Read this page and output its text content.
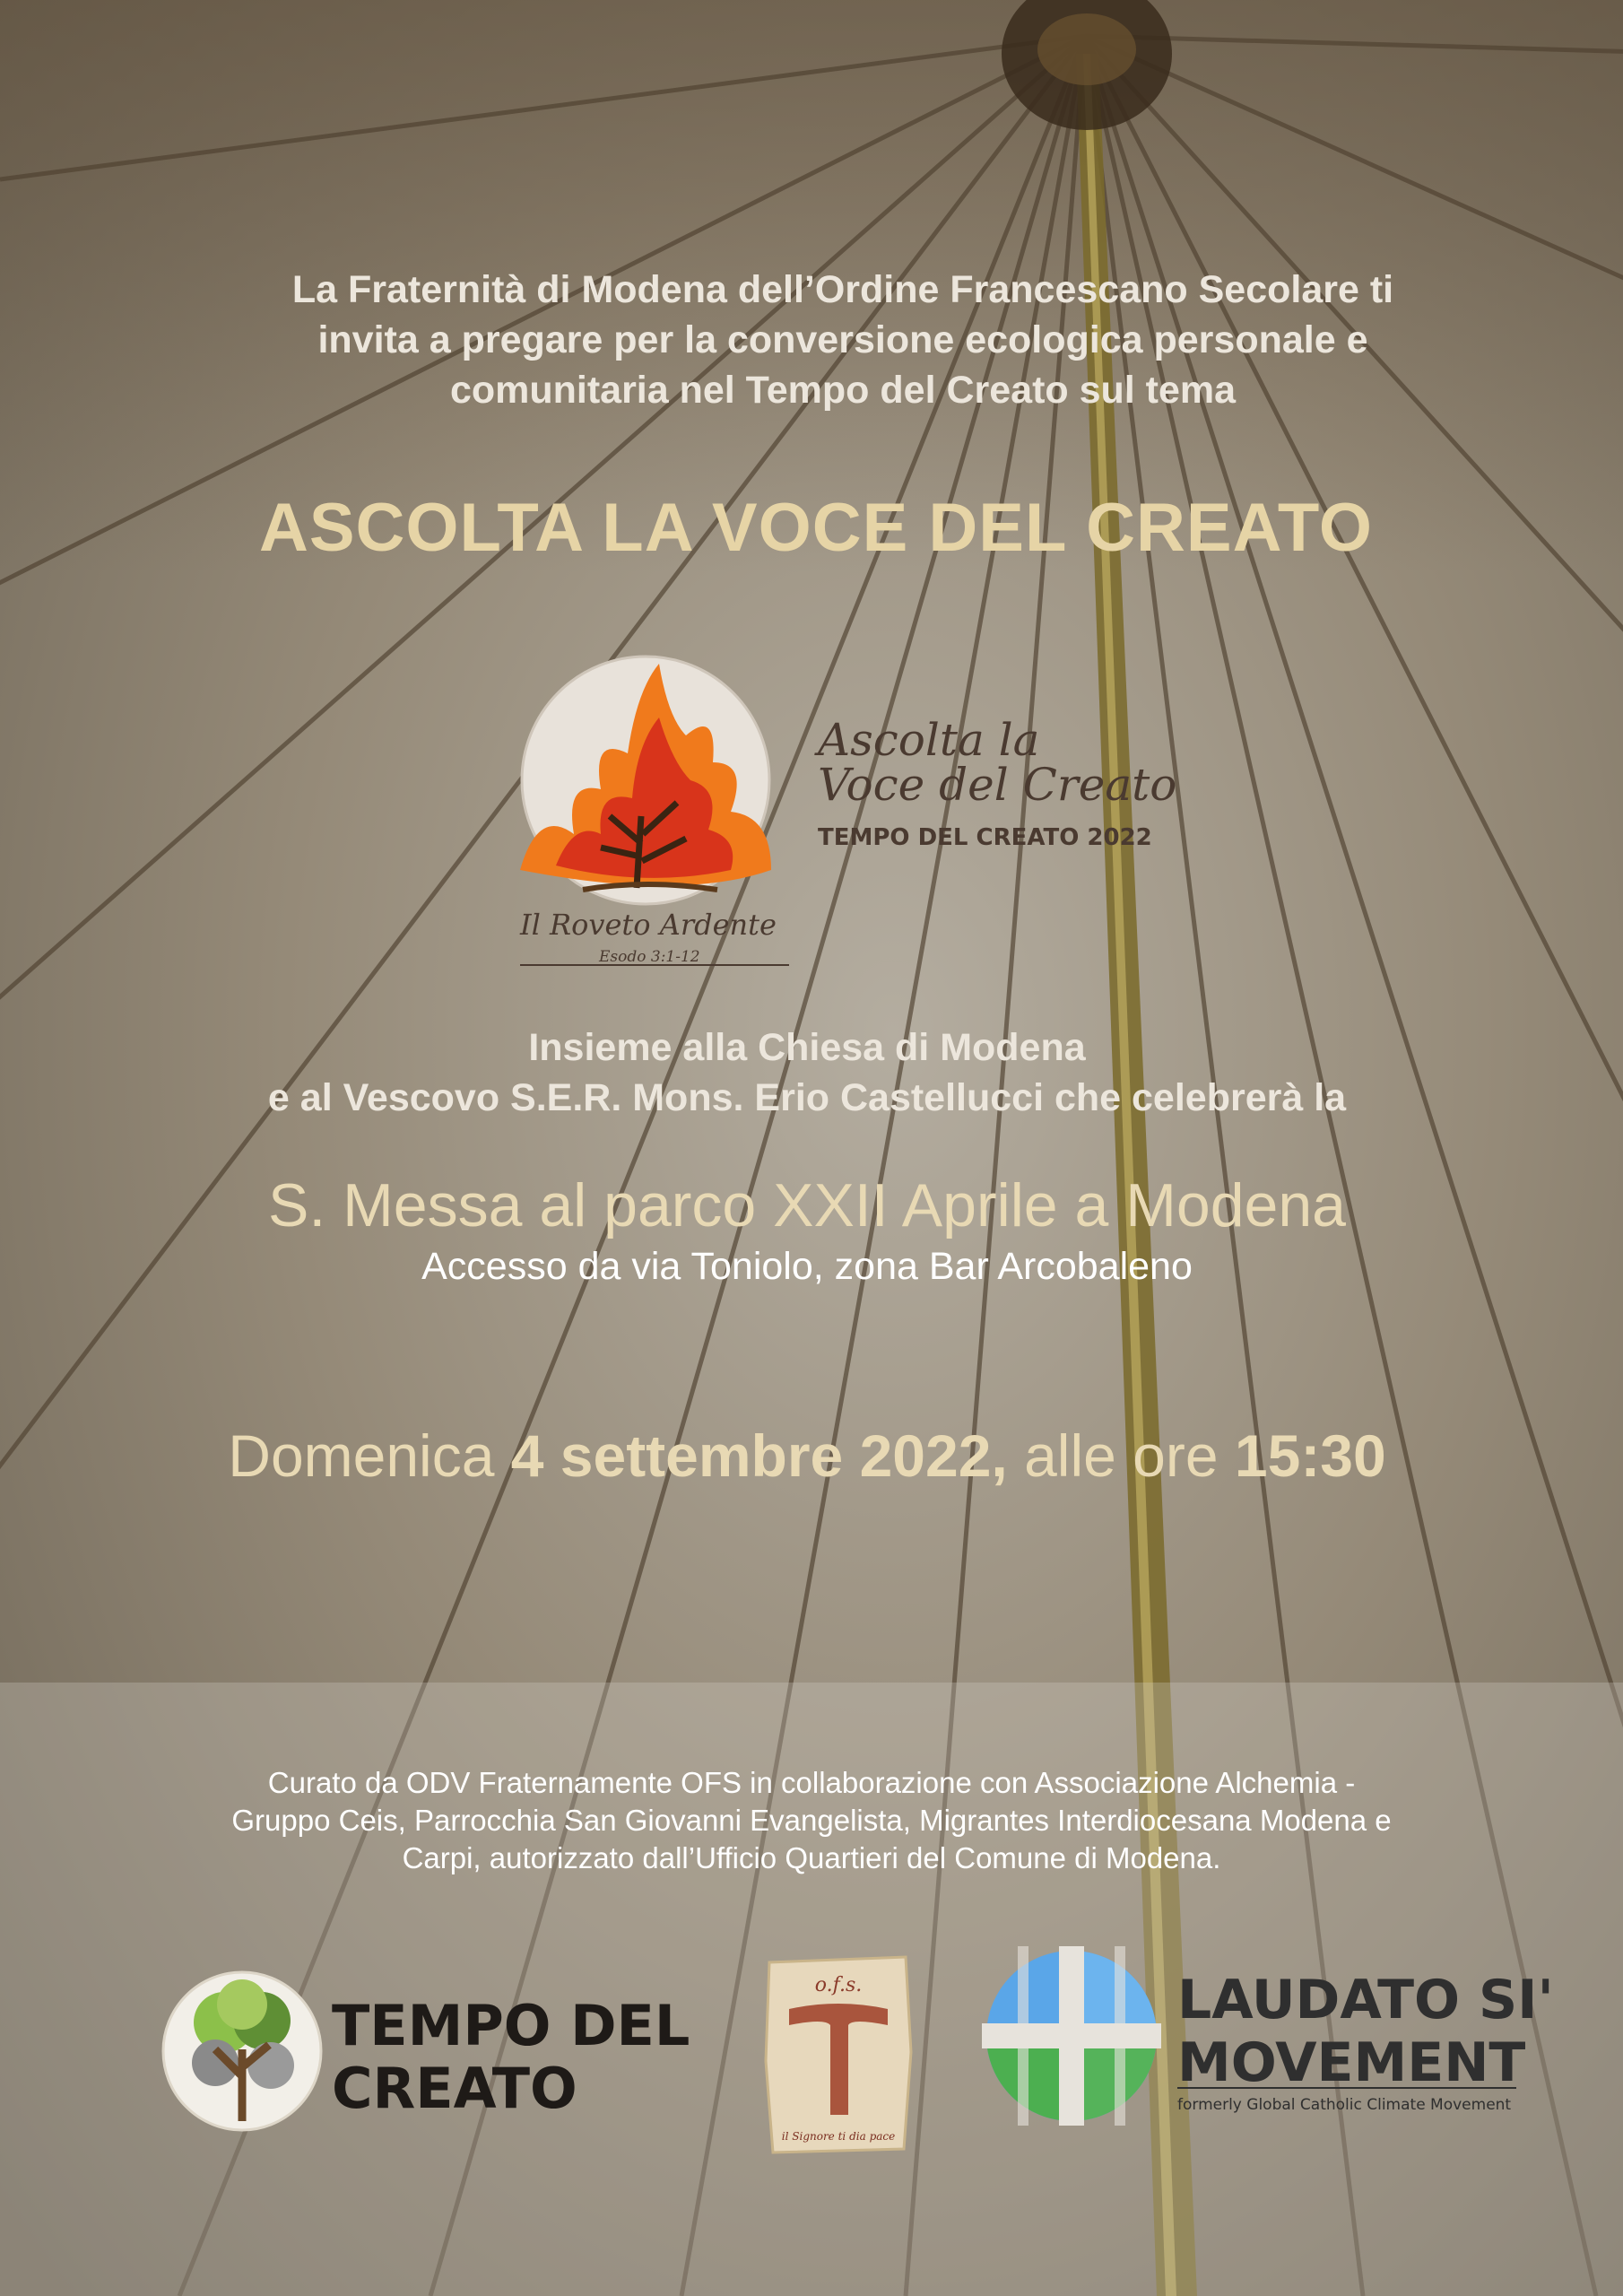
La Fraternità di Modena dell’Ordine Francescano Secolare ti
invita a pregare per la conversione ecologica personale e
comunitaria nel Tempo del Creato sul tema
ASCOLTA LA VOCE DEL CREATO
Ascolta la
Voce del Creato
TEMPO DEL CREATO 2022
Il Roveto Ardente
Esodo 3:1-12
Insieme alla Chiesa di Modena
e al Vescovo S.E.R. Mons. Erio Castellucci che celebrerà la
S. Messa al parco XXII Aprile a Modena
Accesso da via Toniolo, zona Bar Arcobaleno
Domenica 4 settembre 2022, alle ore 15:30
Curato da ODV Fraternamente OFS in collaborazione con Associazione Alchemia -
Gruppo Ceis, Parrocchia San Giovanni Evangelista, Migrantes Interdiocesana Modena e
Carpi, autorizzato dall’Ufficio Quartieri del Comune di Modena.
TEMPO DEL
CREATO
o.f.s.
il Signore ti dia pace
LAUDATO SI'
MOVEMENT
formerly Global Catholic Climate Movement
